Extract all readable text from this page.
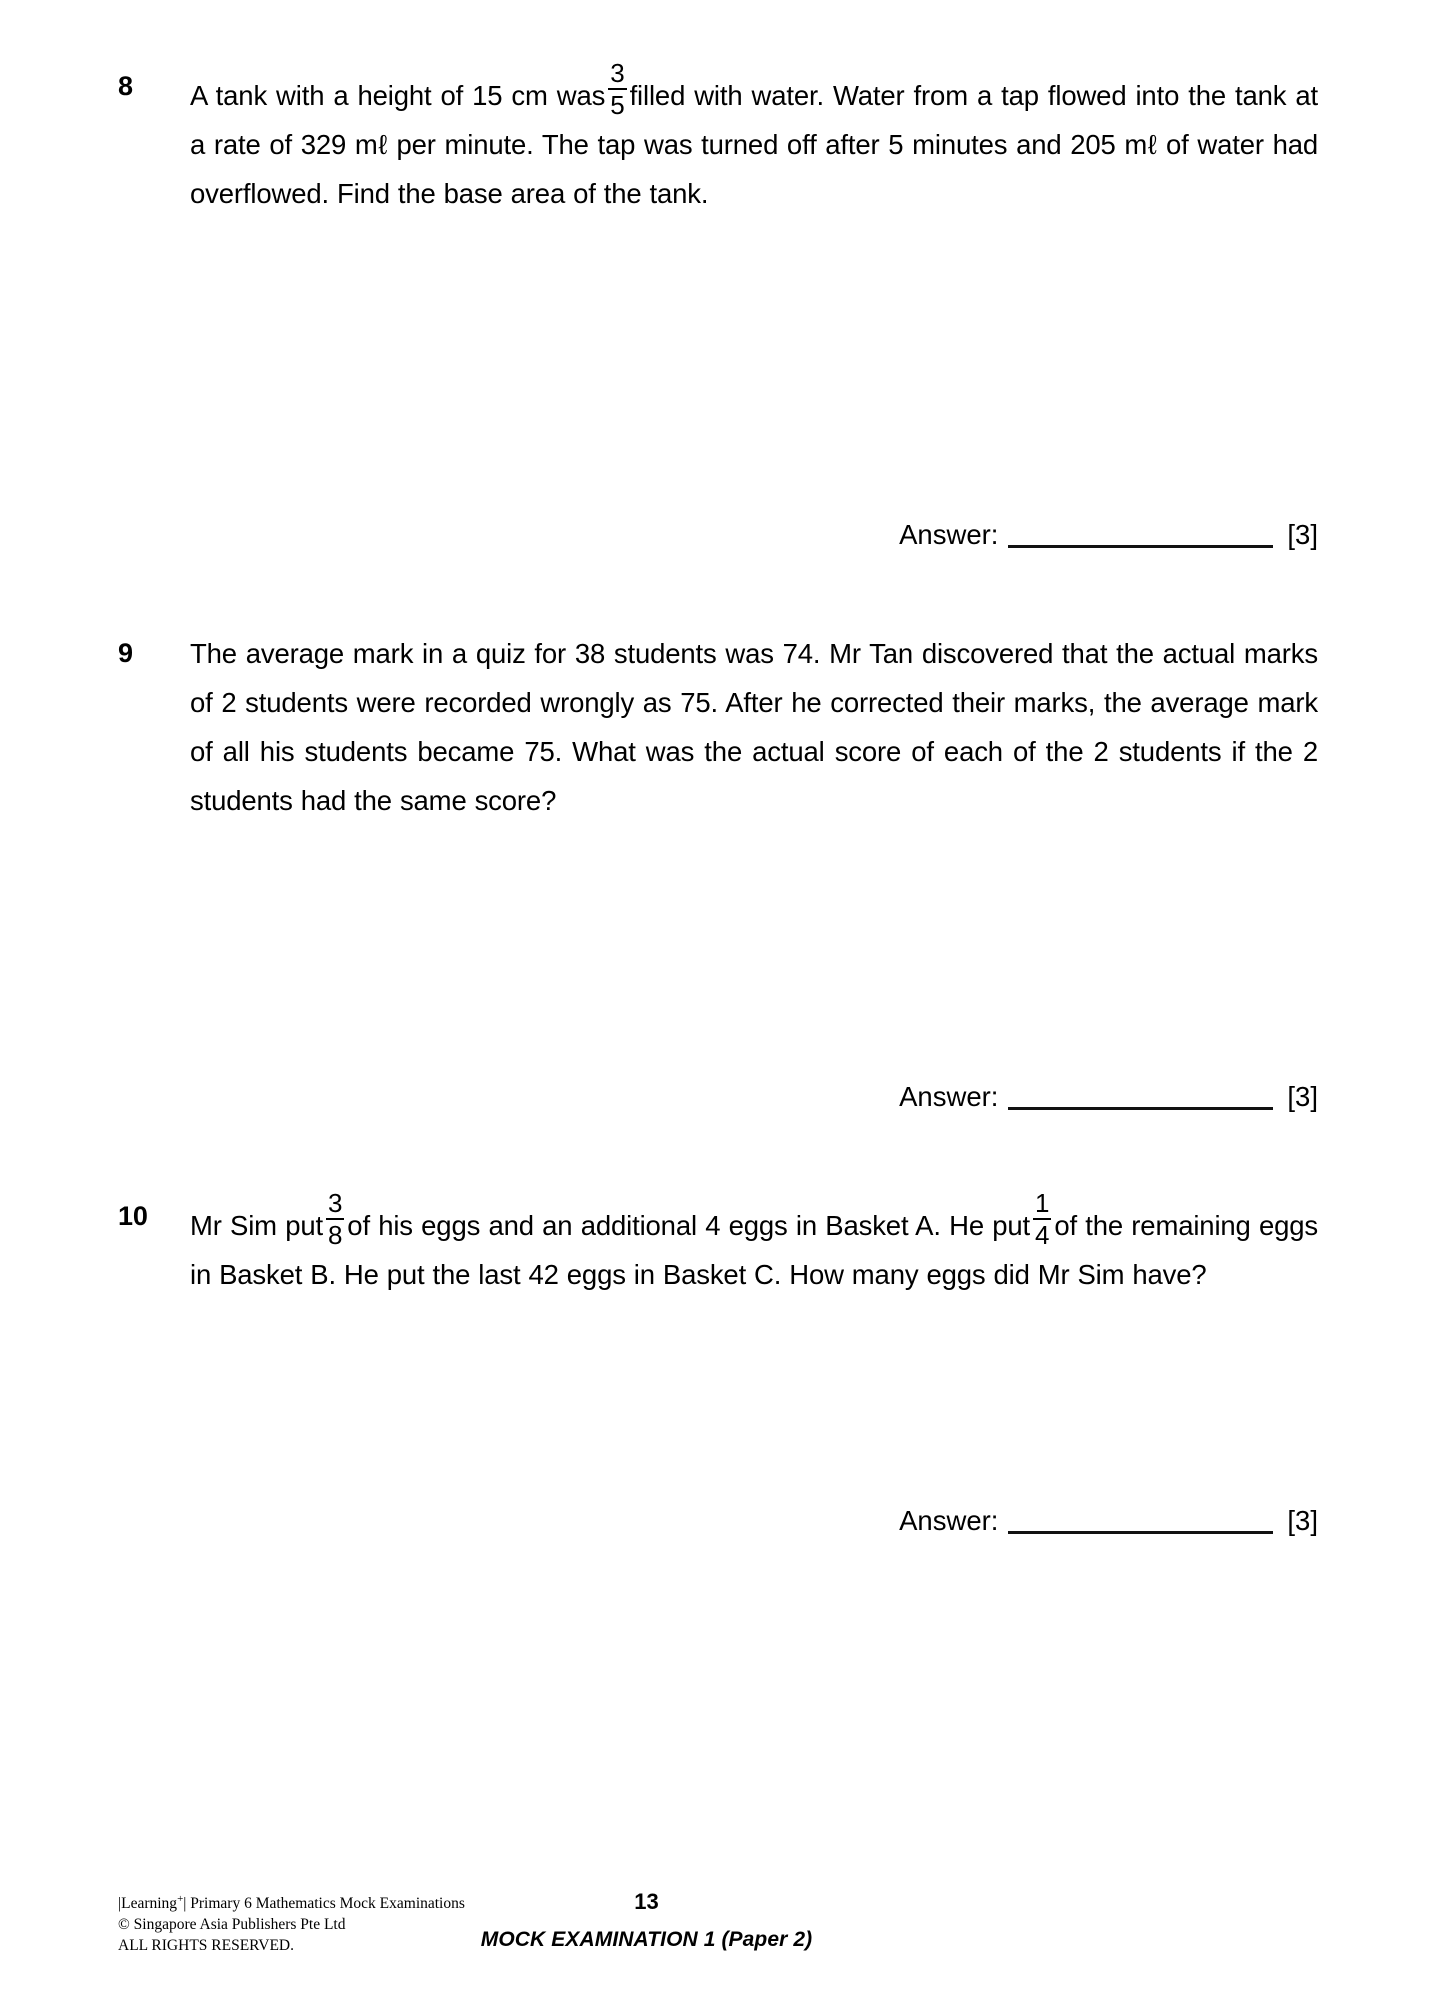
8	A tank with a height of 15 cm was $\frac{3}{5}$ filled with water. Water from a tap flowed into the tank at a rate of 329 mℓ per minute. The tap was turned off after 5 minutes and 205 mℓ of water had overflowed. Find the base area of the tank.

Answer:	[3]
9	The average mark in a quiz for 38 students was 74. Mr Tan discovered that the actual marks of 2 students were recorded wrongly as 75. After he corrected their marks, the average mark of all his students became 75. What was the actual score of each of the 2 students if the 2 students had the same score?

Answer:	[3]
10	Mr Sim put $\frac{3}{8}$ of his eggs and an additional 4 eggs in Basket A. He put $\frac{1}{4}$ of the remaining eggs in Basket B. He put the last 42 eggs in Basket C. How many eggs did Mr Sim have?

Answer:	[3]
|Learning+| Primary 6 Mathematics Mock Examinations
© Singapore Asia Publishers Pte Ltd
ALL RIGHTS RESERVED.
13
MOCK EXAMINATION 1 (Paper 2)
